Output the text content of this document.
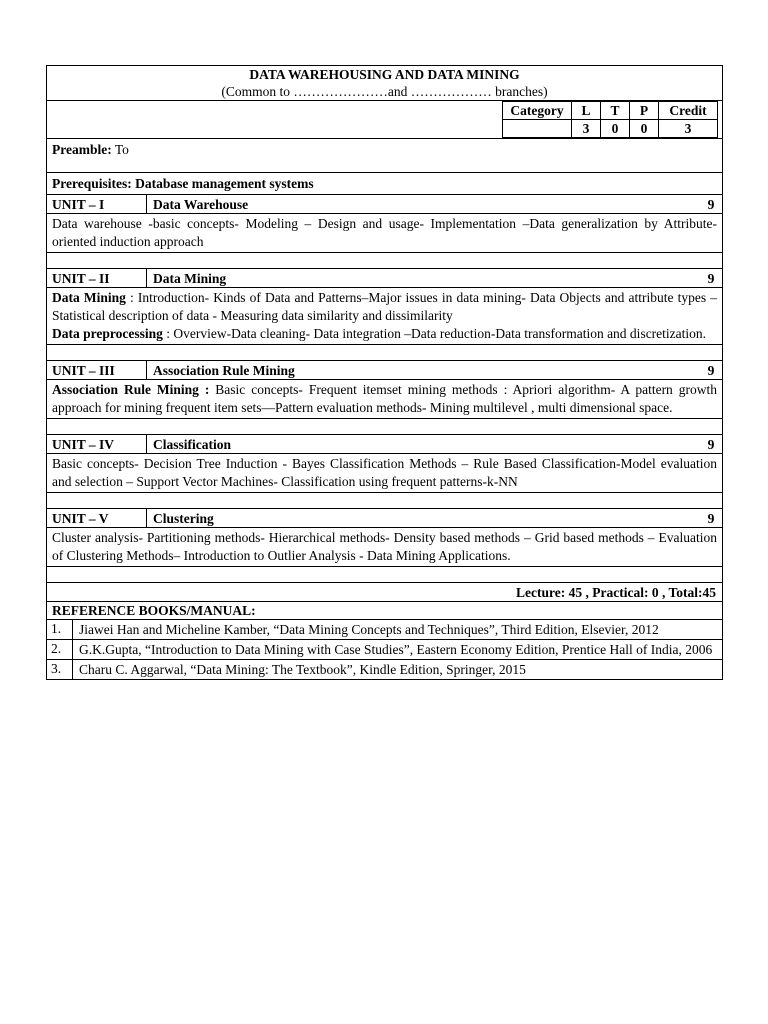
DATA WAREHOUSING AND DATA MINING
(Common to …………………and ……………… branches)
Category	L	T	P	Credit
	3	0	0	3
Preamble: To
Prerequisites: Database management systems
UNIT – I	Data Warehouse	9
Data warehouse -basic concepts- Modeling – Design and usage- Implementation –Data generalization by Attribute-oriented induction approach
UNIT – II	Data Mining	9
Data Mining : Introduction- Kinds of Data and Patterns–Major issues in data mining- Data Objects and attribute types –Statistical description of data - Measuring data similarity and dissimilarity
Data preprocessing : Overview-Data cleaning- Data integration –Data reduction-Data transformation and discretization.
UNIT – III	Association Rule Mining	9
Association Rule Mining : Basic concepts- Frequent itemset mining methods : Apriori algorithm- A pattern growth approach for mining frequent item sets—Pattern evaluation methods- Mining multilevel , multi dimensional space.
UNIT – IV	Classification	9
Basic concepts- Decision Tree Induction - Bayes Classification Methods – Rule Based Classification-Model evaluation and selection – Support Vector Machines- Classification using frequent patterns-k-NN
UNIT – V	Clustering	9
Cluster analysis- Partitioning methods- Hierarchical methods- Density based methods – Grid based methods – Evaluation of Clustering Methods– Introduction to Outlier Analysis - Data Mining Applications.
Lecture: 45 , Practical: 0 , Total:45
REFERENCE BOOKS/MANUAL:
1.	Jiawei Han and Micheline Kamber, “Data Mining Concepts and Techniques”, Third Edition, Elsevier, 2012
2.	G.K.Gupta, “Introduction to Data Mining with Case Studies”, Eastern Economy Edition, Prentice Hall of India, 2006
3.	Charu C. Aggarwal, “Data Mining: The Textbook”, Kindle Edition, Springer, 2015
